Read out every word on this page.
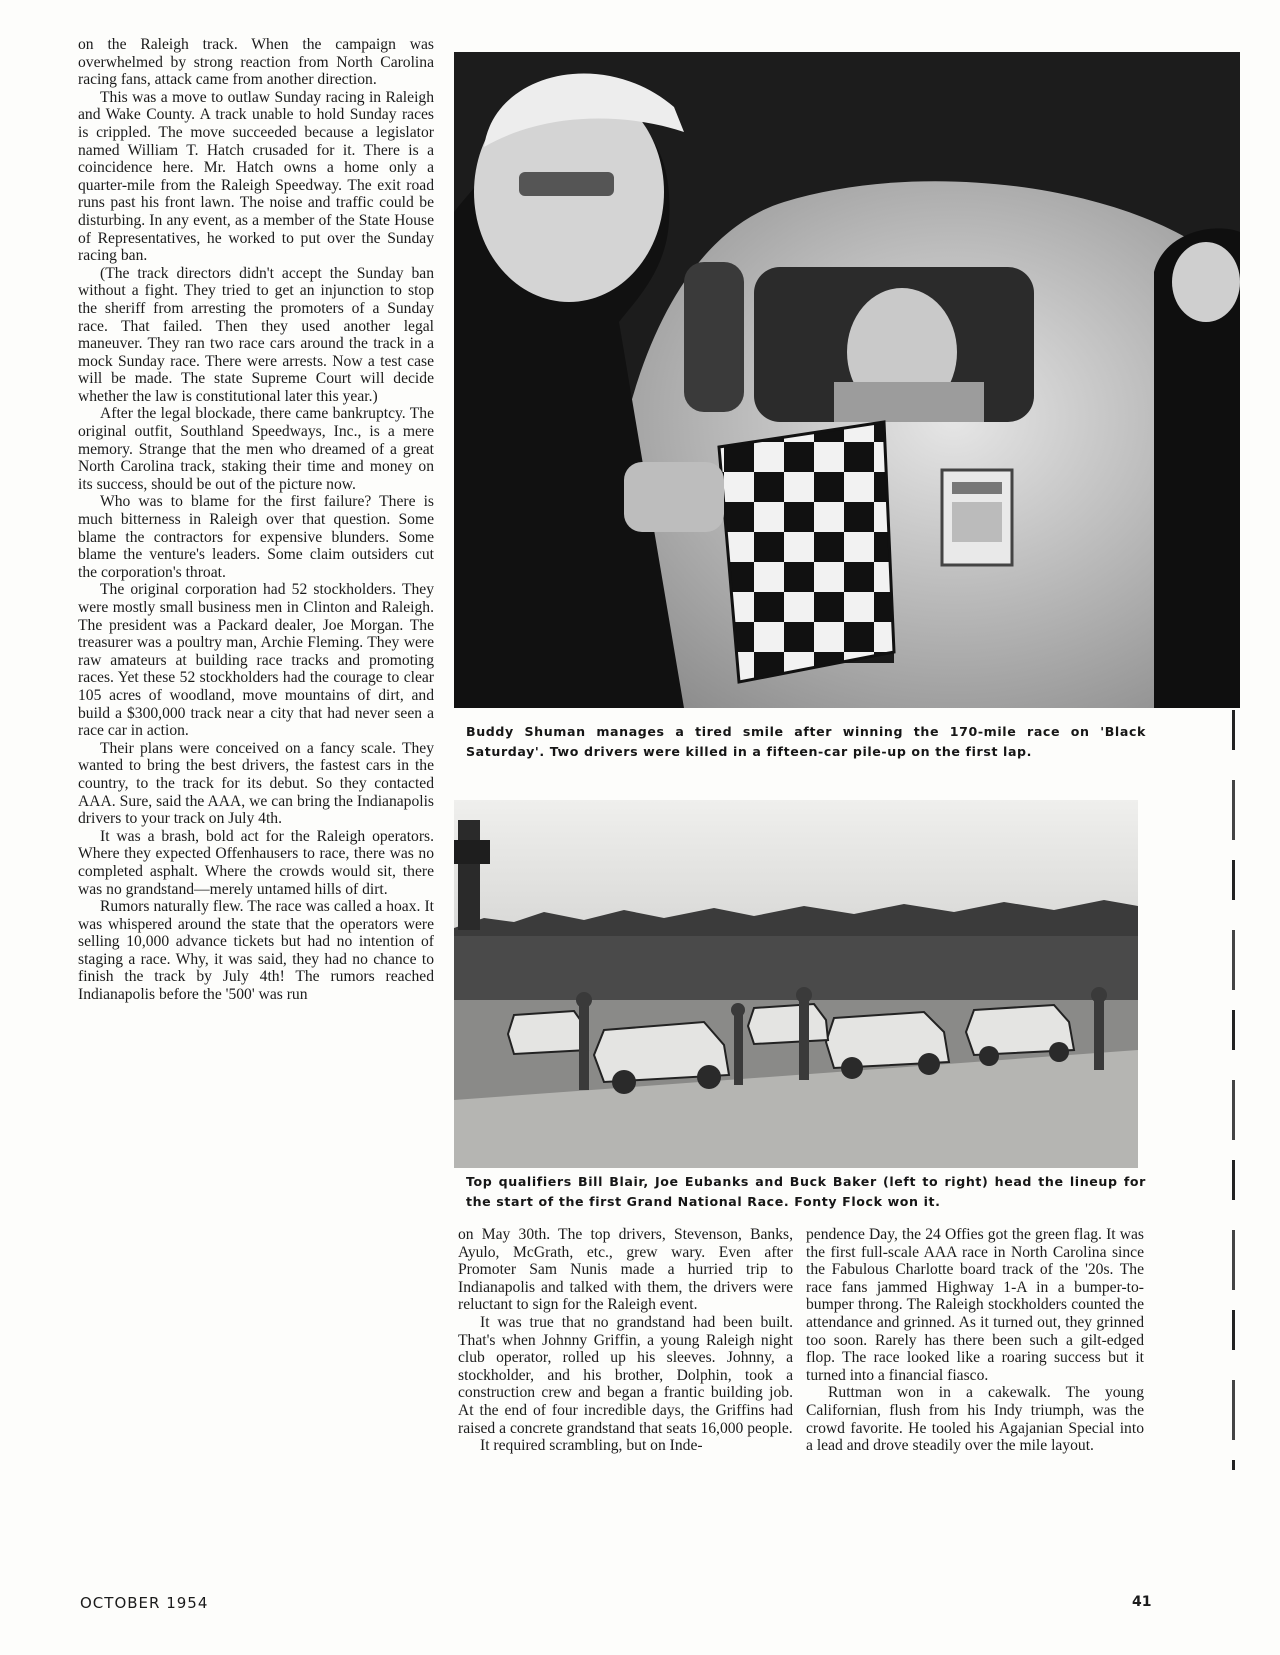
on the Raleigh track. When the campaign was overwhelmed by strong reaction from North Carolina racing fans, attack came from another direction.

This was a move to outlaw Sunday racing in Raleigh and Wake County. A track unable to hold Sunday races is crippled. The move succeeded because a legislator named William T. Hatch crusaded for it. There is a coincidence here. Mr. Hatch owns a home only a quarter-mile from the Raleigh Speedway. The exit road runs past his front lawn. The noise and traffic could be disturbing. In any event, as a member of the State House of Representatives, he worked to put over the Sunday racing ban.

(The track directors didn't accept the Sunday ban without a fight. They tried to get an injunction to stop the sheriff from arresting the promoters of a Sunday race. That failed. Then they used another legal maneuver. They ran two race cars around the track in a mock Sunday race. There were arrests. Now a test case will be made. The state Supreme Court will decide whether the law is constitutional later this year.)

After the legal blockade, there came bankruptcy. The original outfit, Southland Speedways, Inc., is a mere memory. Strange that the men who dreamed of a great North Carolina track, staking their time and money on its success, should be out of the picture now.

Who was to blame for the first failure? There is much bitterness in Raleigh over that question. Some blame the contractors for expensive blunders. Some blame the venture's leaders. Some claim outsiders cut the corporation's throat.

The original corporation had 52 stockholders. They were mostly small business men in Clinton and Raleigh. The president was a Packard dealer, Joe Morgan. The treasurer was a poultry man, Archie Fleming. They were raw amateurs at building race tracks and promoting races. Yet these 52 stockholders had the courage to clear 105 acres of woodland, move mountains of dirt, and build a $300,000 track near a city that had never seen a race car in action.

Their plans were conceived on a fancy scale. They wanted to bring the best drivers, the fastest cars in the country, to the track for its debut. So they contacted AAA. Sure, said the AAA, we can bring the Indianapolis drivers to your track on July 4th.

It was a brash, bold act for the Raleigh operators. Where they expected Offenhausers to race, there was no completed asphalt. Where the crowds would sit, there was no grandstand—merely untamed hills of dirt.

Rumors naturally flew. The race was called a hoax. It was whispered around the state that the operators were selling 10,000 advance tickets but had no intention of staging a race. Why, it was said, they had no chance to finish the track by July 4th! The rumors reached Indianapolis before the '500' was run

Buddy Shuman manages a tired smile after winning the 170-mile race on 'Black Saturday'. Two drivers were killed in a fifteen-car pile-up on the first lap.
Top qualifiers Bill Blair, Joe Eubanks and Buck Baker (left to right) head the lineup for the start of the first Grand National Race. Fonty Flock won it.

on May 30th. The top drivers, Stevenson, Banks, Ayulo, McGrath, etc., grew wary. Even after Promoter Sam Nunis made a hurried trip to Indianapolis and talked with them, the drivers were reluctant to sign for the Raleigh event.

It was true that no grandstand had been built. That's when Johnny Griffin, a young Raleigh night club operator, rolled up his sleeves. Johnny, a stockholder, and his brother, Dolphin, took a construction crew and began a frantic building job. At the end of four incredible days, the Griffins had raised a concrete grandstand that seats 16,000 people.

It required scrambling, but on Inde-

pendence Day, the 24 Offies got the green flag. It was the first full-scale AAA race in North Carolina since the Fabulous Charlotte board track of the '20s. The race fans jammed Highway 1-A in a bumper-to-bumper throng. The Raleigh stockholders counted the attendance and grinned. As it turned out, they grinned too soon. Rarely has there been such a gilt-edged flop. The race looked like a roaring success but it turned into a financial fiasco.

Ruttman won in a cakewalk. The young Californian, flush from his Indy triumph, was the crowd favorite. He tooled his Agajanian Special into a lead and drove steadily over the mile layout.

OCTOBER 1954	41
